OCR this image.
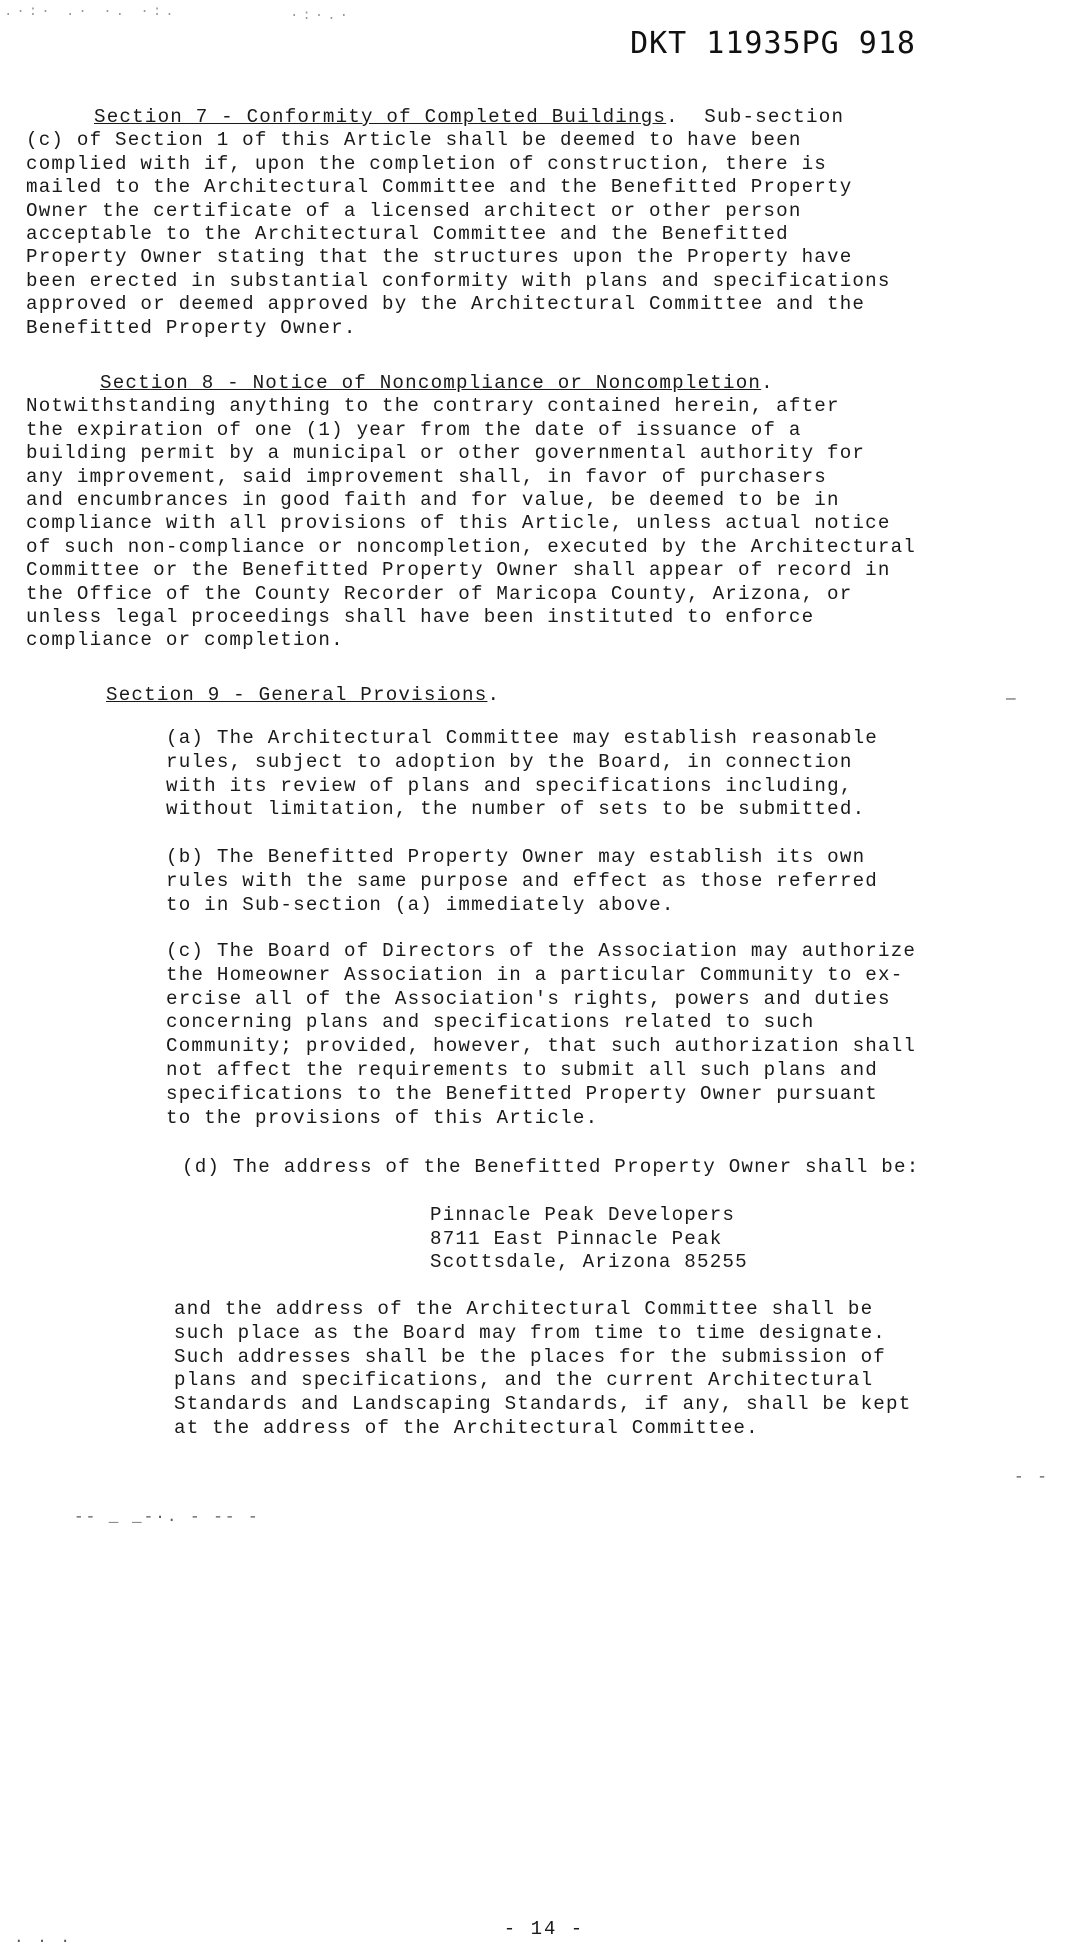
.·:· .· ·. ·:.	·:·.·
DKT 11935PG 918
Section 7 - Conformity of Completed Buildings.  Sub-section
(c) of Section 1 of this Article shall be deemed to have been
complied with if, upon the completion of construction, there is
mailed to the Architectural Committee and the Benefitted Property
Owner the certificate of a licensed architect or other person
acceptable to the Architectural Committee and the Benefitted
Property Owner stating that the structures upon the Property have
been erected in substantial conformity with plans and specifications
approved or deemed approved by the Architectural Committee and the
Benefitted Property Owner.
Section 8 - Notice of Noncompliance or Noncompletion.
Notwithstanding anything to the contrary contained herein, after
the expiration of one (1) year from the date of issuance of a
building permit by a municipal or other governmental authority for
any improvement, said improvement shall, in favor of purchasers
and encumbrances in good faith and for value, be deemed to be in
compliance with all provisions of this Article, unless actual notice
of such non-compliance or noncompletion, executed by the Architectural
Committee or the Benefitted Property Owner shall appear of record in
the Office of the County Recorder of Maricopa County, Arizona, or
unless legal proceedings shall have been instituted to enforce
compliance or completion.
Section 9 - General Provisions.	—
(a) The Architectural Committee may establish reasonable
rules, subject to adoption by the Board, in connection
with its review of plans and specifications including,
without limitation, the number of sets to be submitted.
(b) The Benefitted Property Owner may establish its own
rules with the same purpose and effect as those referred
to in Sub-section (a) immediately above.
(c) The Board of Directors of the Association may authorize
the Homeowner Association in a particular Community to ex-
ercise all of the Association's rights, powers and duties
concerning plans and specifications related to such
Community; provided, however, that such authorization shall
not affect the requirements to submit all such plans and
specifications to the Benefitted Property Owner pursuant
to the provisions of this Article.
(d) The address of the Benefitted Property Owner shall be:
Pinnacle Peak Developers
8711 East Pinnacle Peak
Scottsdale, Arizona 85255
and the address of the Architectural Committee shall be
such place as the Board may from time to time designate.
Such addresses shall be the places for the submission of
plans and specifications, and the current Architectural
Standards and Landscaping Standards, if any, shall be kept
at the address of the Architectural Committee.
- -
-- _ _-·. - -- -
· · ·
- 14 -
